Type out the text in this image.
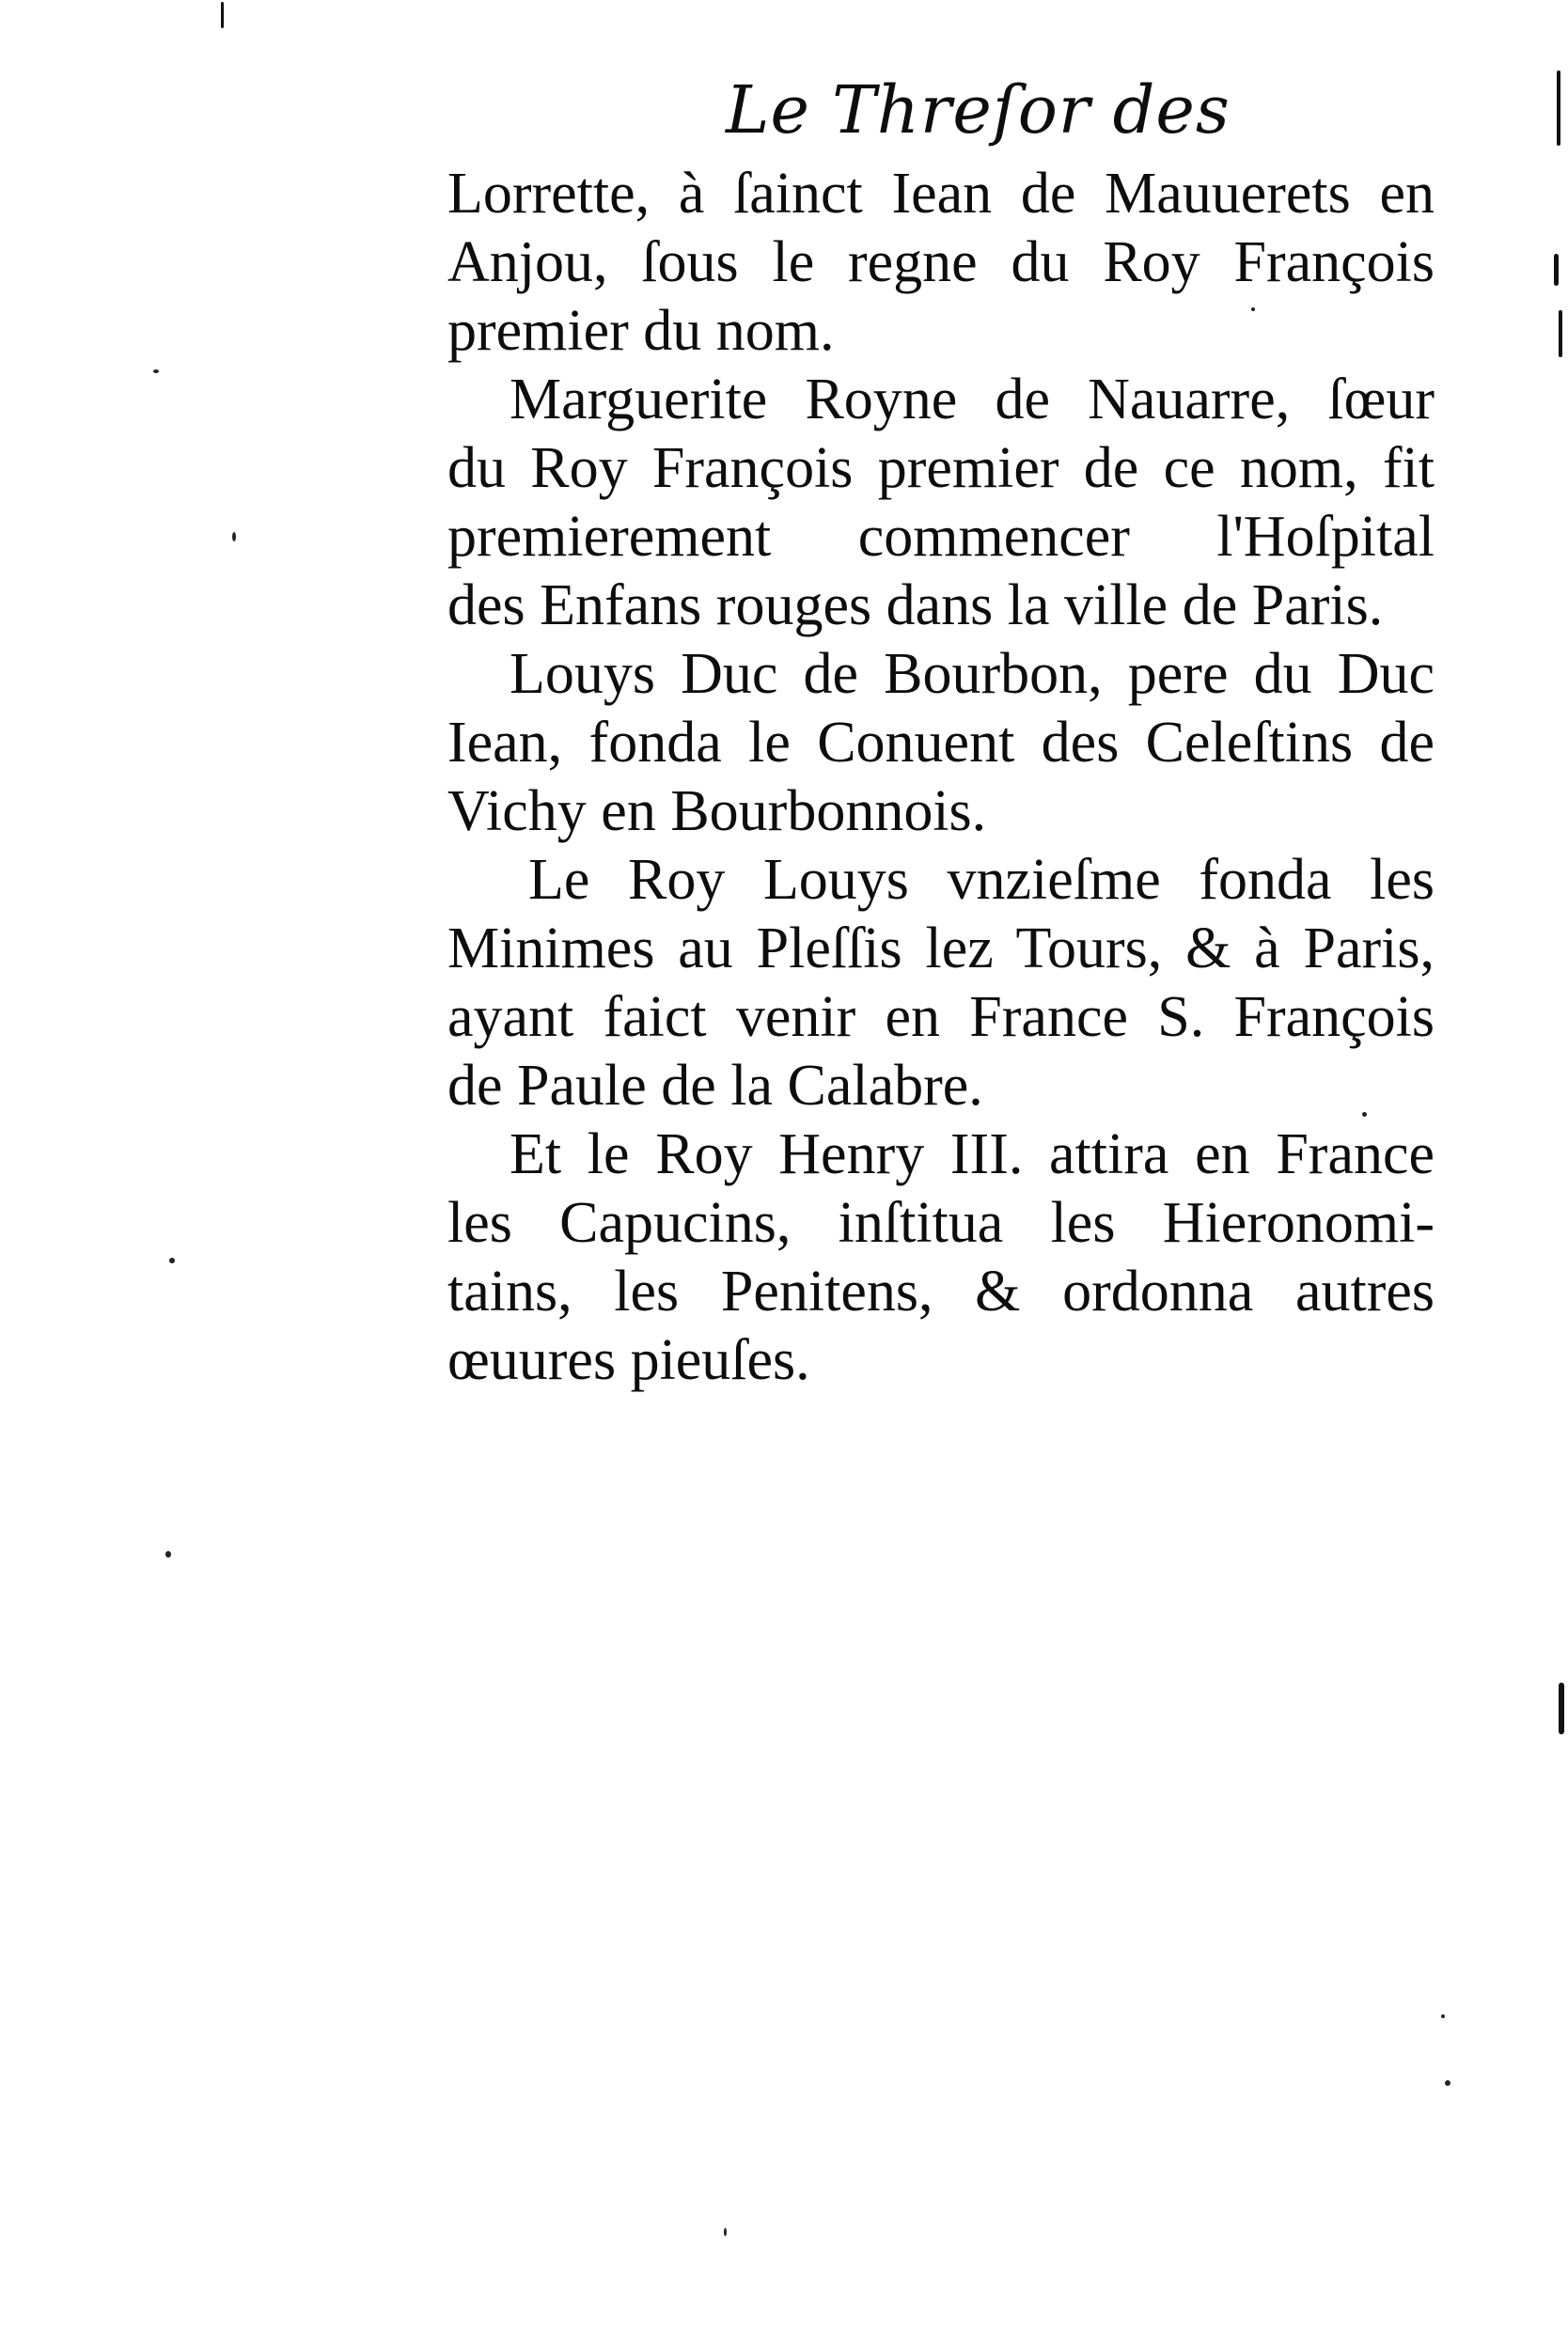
Le Threſor des
Lorrette, à ſainct Iean de Mauuerets en
Anjou, ſous le regne du Roy François
premier du nom.
Marguerite Royne de Nauarre, ſœur
du Roy François premier de ce nom, fit
premierement commencer l'Hoſpital
des Enfans rouges dans la ville de Paris.
Louys Duc de Bourbon, pere du Duc
Iean, fonda le Conuent des Celeſtins de
Vichy en Bourbonnois.
Le Roy Louys vnzieſme fonda les
Minimes au Pleſſis lez Tours, & à Paris,
ayant faict venir en France S. François
de Paule de la Calabre.
Et le Roy Henry III. attira en France
les Capucins, inſtitua les Hieronomi-
tains, les Penitens, & ordonna autres
œuures pieuſes.
